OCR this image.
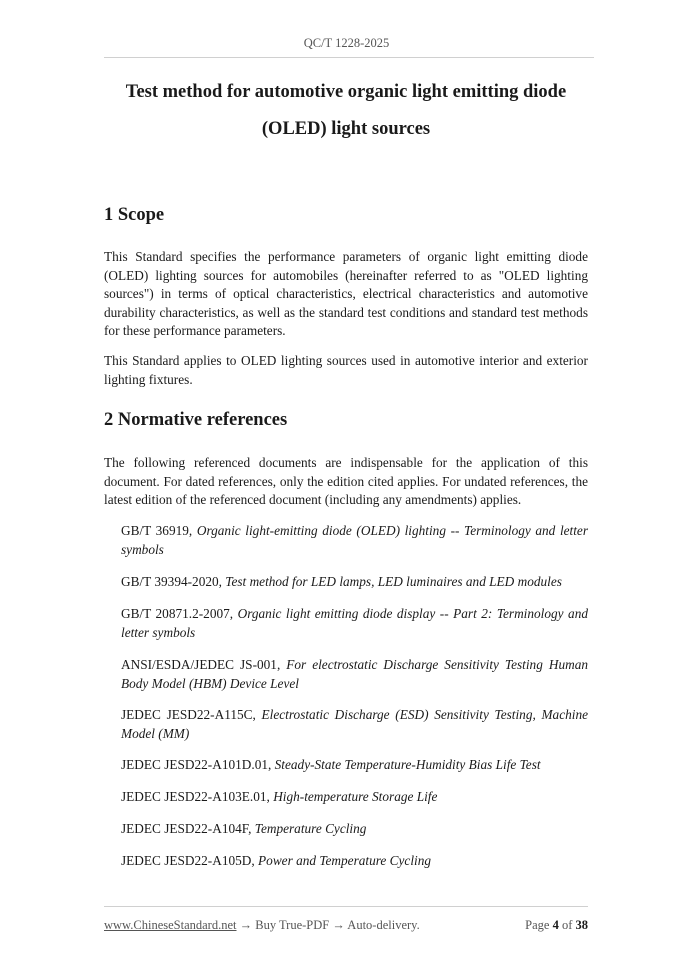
QC/T 1228-2025
Test method for automotive organic light emitting diode
(OLED) light sources
1 Scope

This Standard specifies the performance parameters of organic light emitting diode (OLED) lighting sources for automobiles (hereinafter referred to as "OLED lighting sources") in terms of optical characteristics, electrical characteristics and automotive durability characteristics, as well as the standard test conditions and standard test methods for these performance parameters.

This Standard applies to OLED lighting sources used in automotive interior and exterior lighting fixtures.

2 Normative references

The following referenced documents are indispensable for the application of this document. For dated references, only the edition cited applies. For undated references, the latest edition of the referenced document (including any amendments) applies.

GB/T 36919, Organic light-emitting diode (OLED) lighting -- Terminology and letter symbols

GB/T 39394-2020, Test method for LED lamps, LED luminaires and LED modules

GB/T 20871.2-2007, Organic light emitting diode display -- Part 2: Terminology and letter symbols

ANSI/ESDA/JEDEC JS-001, For electrostatic Discharge Sensitivity Testing Human Body Model (HBM) Device Level

JEDEC JESD22-A115C, Electrostatic Discharge (ESD) Sensitivity Testing, Machine Model (MM)

JEDEC JESD22-A101D.01, Steady-State Temperature-Humidity Bias Life Test

JEDEC JESD22-A103E.01, High-temperature Storage Life

JEDEC JESD22-A104F, Temperature Cycling

JEDEC JESD22-A105D, Power and Temperature Cycling

www.ChineseStandard.net → Buy True-PDF → Auto-delivery.	Page 4 of 38
